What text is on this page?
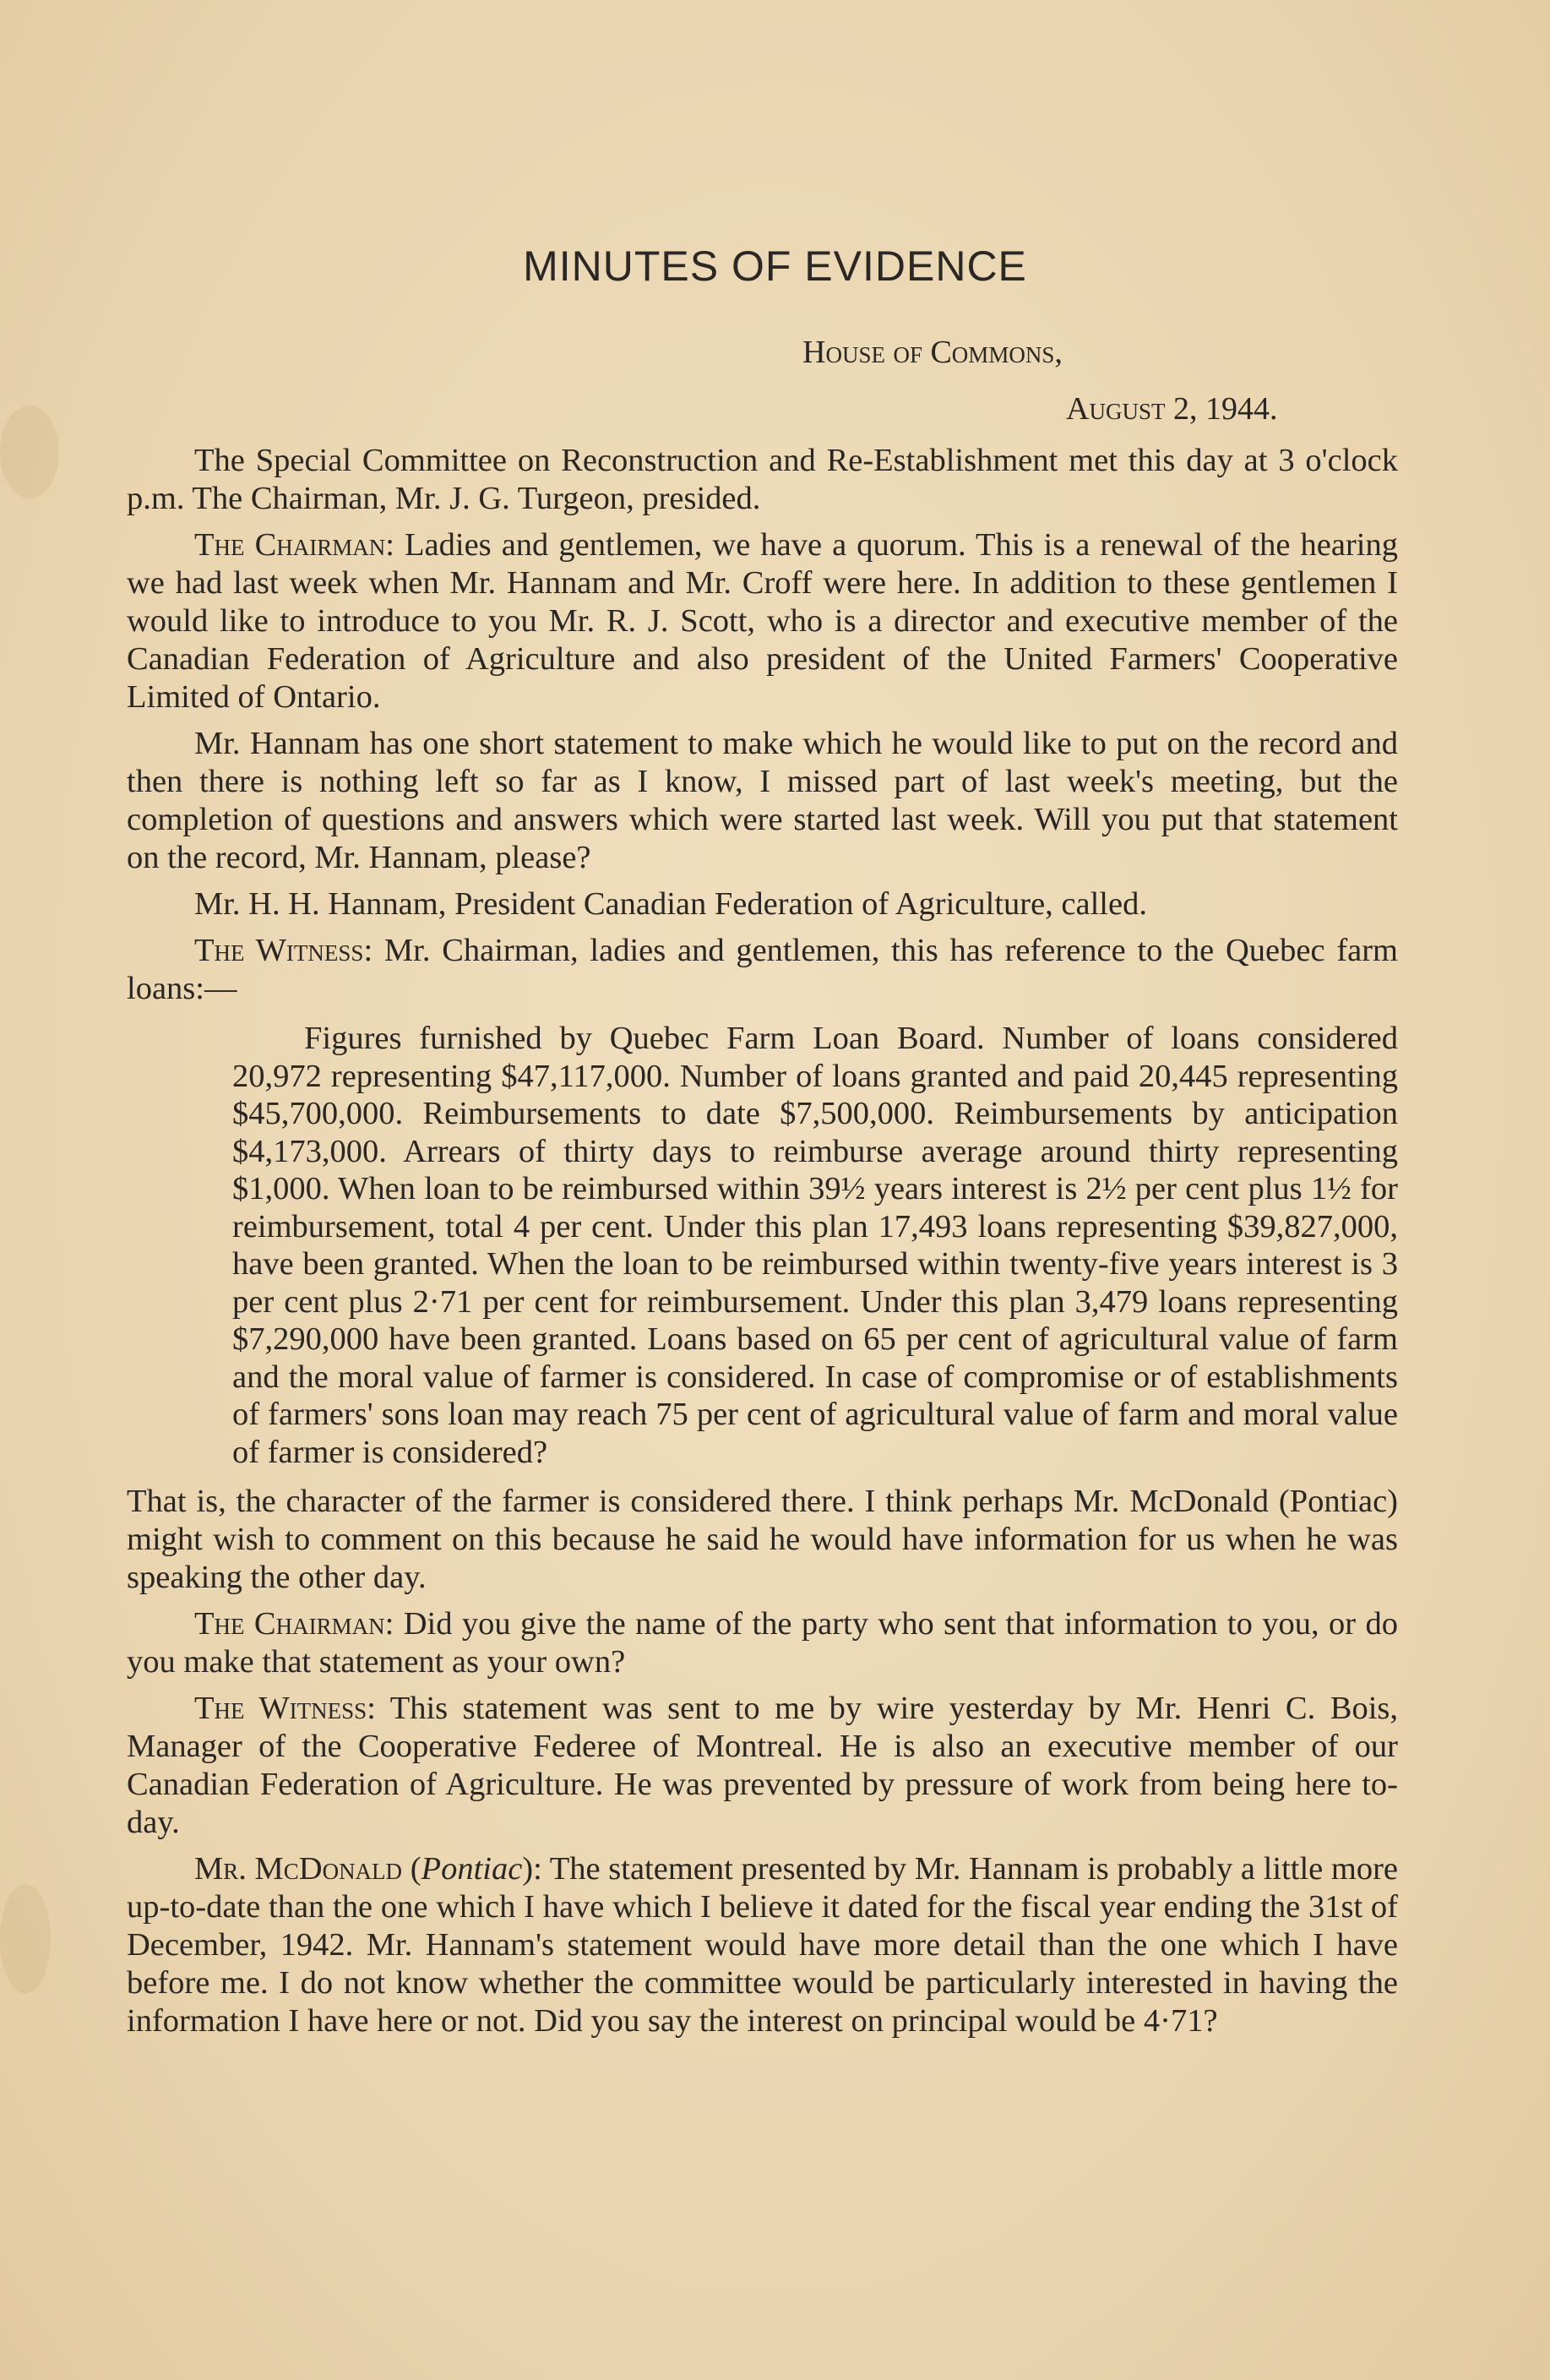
MINUTES OF EVIDENCE
House of Commons,
August 2, 1944.

The Special Committee on Reconstruction and Re-Establishment met this day at 3 o'clock p.m. The Chairman, Mr. J. G. Turgeon, presided.

The Chairman: Ladies and gentlemen, we have a quorum. This is a renewal of the hearing we had last week when Mr. Hannam and Mr. Croff were here. In addition to these gentlemen I would like to introduce to you Mr. R. J. Scott, who is a director and executive member of the Canadian Federation of Agriculture and also president of the United Farmers' Cooperative Limited of Ontario.

Mr. Hannam has one short statement to make which he would like to put on the record and then there is nothing left so far as I know, I missed part of last week's meeting, but the completion of questions and answers which were started last week. Will you put that statement on the record, Mr. Hannam, please?

Mr. H. H. Hannam, President Canadian Federation of Agriculture, called.

The Witness: Mr. Chairman, ladies and gentlemen, this has reference to the Quebec farm loans:—

Figures furnished by Quebec Farm Loan Board. Number of loans considered 20,972 representing $47,117,000. Number of loans granted and paid 20,445 representing $45,700,000. Reimbursements to date $7,500,000. Reimbursements by anticipation $4,173,000. Arrears of thirty days to reimburse average around thirty representing $1,000. When loan to be reimbursed within 39½ years interest is 2½ per cent plus 1½ for reimbursement, total 4 per cent. Under this plan 17,493 loans representing $39,827,000, have been granted. When the loan to be reimbursed within twenty-five years interest is 3 per cent plus 2·71 per cent for reimbursement. Under this plan 3,479 loans representing $7,290,000 have been granted. Loans based on 65 per cent of agricultural value of farm and the moral value of farmer is considered. In case of compromise or of establishments of farmers' sons loan may reach 75 per cent of agricultural value of farm and moral value of farmer is considered?

That is, the character of the farmer is considered there. I think perhaps Mr. McDonald (Pontiac) might wish to comment on this because he said he would have information for us when he was speaking the other day.

The Chairman: Did you give the name of the party who sent that information to you, or do you make that statement as your own?

The Witness: This statement was sent to me by wire yesterday by Mr. Henri C. Bois, Manager of the Cooperative Federee of Montreal. He is also an executive member of our Canadian Federation of Agriculture. He was prevented by pressure of work from being here to-day.

Mr. McDonald (Pontiac): The statement presented by Mr. Hannam is probably a little more up-to-date than the one which I have which I believe it dated for the fiscal year ending the 31st of December, 1942. Mr. Hannam's statement would have more detail than the one which I have before me. I do not know whether the committee would be particularly interested in having the information I have here or not. Did you say the interest on principal would be 4·71?
